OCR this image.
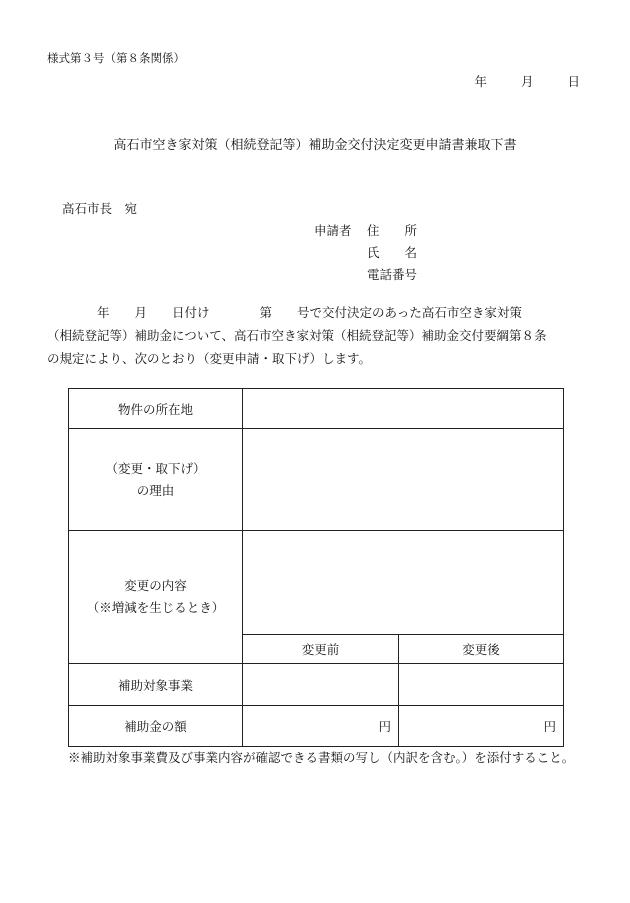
様式第３号（第８条関係）
年	月	日
高石市空き家対策（相続登記等）補助金交付決定変更申請書兼取下書
高石市長　宛
申請者 住　　所
氏　　名
電話番号
　　　　年　　月　　日付け　　　　第　　号で交付決定のあった高石市空き家対策
（相続登記等）補助金について、高石市空き家対策（相続登記等）補助金交付要綱第８条
の規定により、次のとおり（変更申請・取下げ）します。
物件の所在地		

（変更・取下げ）
の理由		

変更の内容
（※増減を生じるとき）		

	変更前	変更後
補助対象事業		
補助金の額	円	円
※補助対象事業費及び事業内容が確認できる書類の写し（内訳を含む。）を添付すること。
